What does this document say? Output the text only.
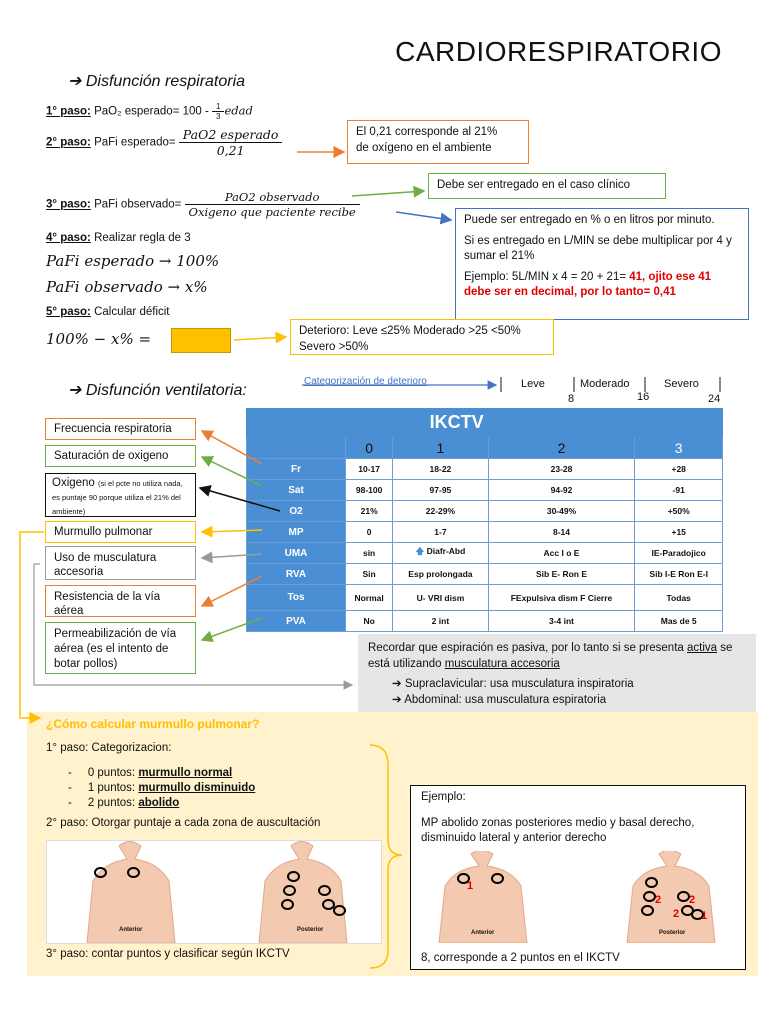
CARDIORESPIRATORIO
➔ Disfunción respiratoria
1° paso: PaO₂ esperado= $100 - \frac{1}{3}$ edad
2° paso: PaFi esperado= $\frac{\text{PaO2 esperado}}{0,21}$
3° paso: PaFi observado= $\frac{\text{PaO2 observado}}{\text{Oxigeno que paciente recibe}}$
4° paso: Realizar regla de 3
PaFi esperado → 100%
PaFi observado → x%
5° paso: Calcular déficit
100% − x% =
El 0,21 corresponde al 21%
de oxígeno en el ambiente
Debe ser entregado en el caso clínico
Puede ser entregado en % o en litros por minuto.
Si es entregado en L/MIN se debe multiplicar por 4 y sumar el 21%
Ejemplo: 5L/MIN x 4 = 20 + 21= 41, ojito ese 41 debe ser en decimal, por lo tanto= 0,41
Deterioro: Leve ≤25% Moderado >25 <50%
Severo >50%
➔ Disfunción ventilatoria:
Categorización de deterioro	Leve	Moderado	Severo
8	16	24
Frecuencia respiratoria
Saturación de oxigeno
Oxigeno (si el pcte no utiliza nada, es puntaje 90 porque utiliza el 21% del ambiente)
Murmullo pulmonar
Uso de musculatura accesoria
Resistencia de la vía aérea
Permeabilización de vía aérea (es el intento de botar pollos)
	IKCTV			
	0	1	2	3
Fr	10-17	18-22	23-28	+28
Sat	98-100	97-95	94-92	-91
O2	21%	22-29%	30-49%	+50%
MP	0	1-7	8-14	+15
UMA	sin	🡅 Diafr-Abd	Acc I o E	IE-Paradojico
RVA	Sin	Esp prolongada	Sib E- Ron E	Sib I-E Ron E-I
Tos	Normal	U- VRI dism	FExpulsiva dism F Cierre	Todas
PVA	No	2 int	3-4 int	Mas de 5
Recordar que espiración es pasiva, por lo tanto si se presenta activa se está utilizando musculatura accesoria
➔ Supraclavicular: usa musculatura inspiratoria
➔ Abdominal: usa musculatura espiratoria
¿Cómo calcular murmullo pulmonar?
1° paso: Categorizacion:
-     0 puntos: murmullo normal
-     1 puntos: murmullo disminuido
-     2 puntos: abolido
2° paso: Otorgar puntaje a cada zona de auscultación
Anterior	Posterior
3° paso: contar puntos y clasificar según IKCTV
Ejemplo:
MP abolido zonas posteriores medio y basal derecho, disminuido lateral y anterior derecho
Anterior	Posterior
1
2	2
2 1
8, corresponde a 2 puntos en el IKCTV
